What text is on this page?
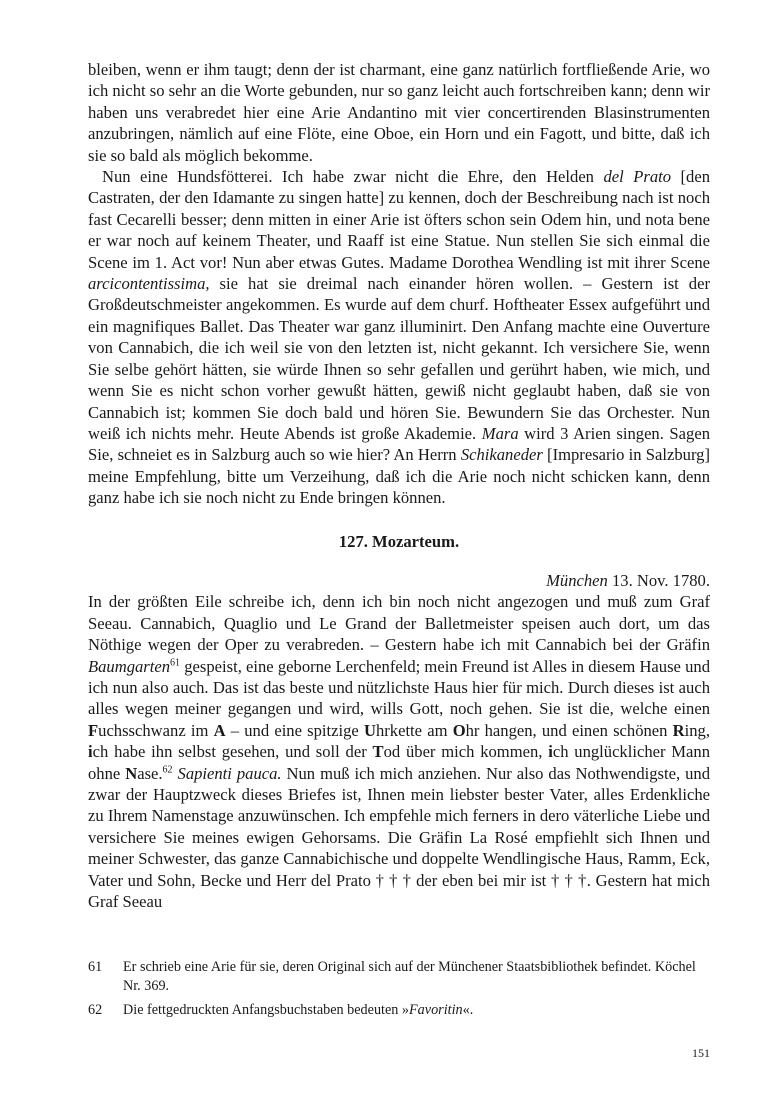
bleiben, wenn er ihm taugt; denn der ist charmant, eine ganz natürlich fortfließende Arie, wo ich nicht so sehr an die Worte gebunden, nur so ganz leicht auch fortschreiben kann; denn wir haben uns verabredet hier eine Arie Andantino mit vier concertirenden Blasinstrumenten anzubringen, nämlich auf eine Flöte, eine Oboe, ein Horn und ein Fagott, und bitte, daß ich sie so bald als möglich bekomme.

Nun eine Hundsfötterei. Ich habe zwar nicht die Ehre, den Helden del Prato [den Castraten, der den Idamante zu singen hatte] zu kennen, doch der Beschreibung nach ist noch fast Cecarelli besser; denn mitten in einer Arie ist öfters schon sein Odem hin, und nota bene er war noch auf keinem Theater, und Raaff ist eine Statue. Nun stellen Sie sich einmal die Scene im 1. Act vor! Nun aber etwas Gutes. Madame Dorothea Wendling ist mit ihrer Scene arcicontentissima, sie hat sie dreimal nach einander hören wollen. – Gestern ist der Großdeutschmeister angekommen. Es wurde auf dem churf. Hoftheater Essex aufgeführt und ein magnifiques Ballet. Das Theater war ganz illuminirt. Den Anfang machte eine Ouverture von Cannabich, die ich weil sie von den letzten ist, nicht gekannt. Ich versichere Sie, wenn Sie selbe gehört hätten, sie würde Ihnen so sehr gefallen und gerührt haben, wie mich, und wenn Sie es nicht schon vorher gewußt hätten, gewiß nicht geglaubt haben, daß sie von Cannabich ist; kommen Sie doch bald und hören Sie. Bewundern Sie das Orchester. Nun weiß ich nichts mehr. Heute Abends ist große Akademie. Mara wird 3 Arien singen. Sagen Sie, schneiet es in Salzburg auch so wie hier? An Herrn Schikaneder [Impresario in Salzburg] meine Empfehlung, bitte um Verzeihung, daß ich die Arie noch nicht schicken kann, denn ganz habe ich sie noch nicht zu Ende bringen können.

127. Mozarteum.

München 13. Nov. 1780.

In der größten Eile schreibe ich, denn ich bin noch nicht angezogen und muß zum Graf Seeau. Cannabich, Quaglio und Le Grand der Balletmeister speisen auch dort, um das Nöthige wegen der Oper zu verabreden. – Gestern habe ich mit Cannabich bei der Gräfin Baumgarten$^{61}$ gespeist, eine geborne Lerchenfeld; mein Freund ist Alles in diesem Hause und ich nun also auch. Das ist das beste und nützlichste Haus hier für mich. Durch dieses ist auch alles wegen meiner gegangen und wird, wills Gott, noch gehen. Sie ist die, welche einen Fuchsschwanz im A – und eine spitzige Uhrkette am Ohr hangen, und einen schönen Ring, ich habe ihn selbst gesehen, und soll der Tod über mich kommen, ich unglücklicher Mann ohne Nase.$^{62}$ Sapienti pauca. Nun muß ich mich anziehen. Nur also das Nothwendigste, und zwar der Hauptzweck dieses Briefes ist, Ihnen mein liebster bester Vater, alles Erdenkliche zu Ihrem Namenstage anzuwünschen. Ich empfehle mich ferners in dero väterliche Liebe und versichere Sie meines ewigen Gehorsams. Die Gräfin La Rosé empfiehlt sich Ihnen und meiner Schwester, das ganze Cannabichische und doppelte Wendlingische Haus, Ramm, Eck, Vater und Sohn, Becke und Herr del Prato † † † der eben bei mir ist † † †. Gestern hat mich Graf Seeau

61	Er schrieb eine Arie für sie, deren Original sich auf der Münchener Staatsbibliothek befindet. Köchel Nr. 369.
62	Die fettgedruckten Anfangsbuchstaben bedeuten »Favoritin«.
151
